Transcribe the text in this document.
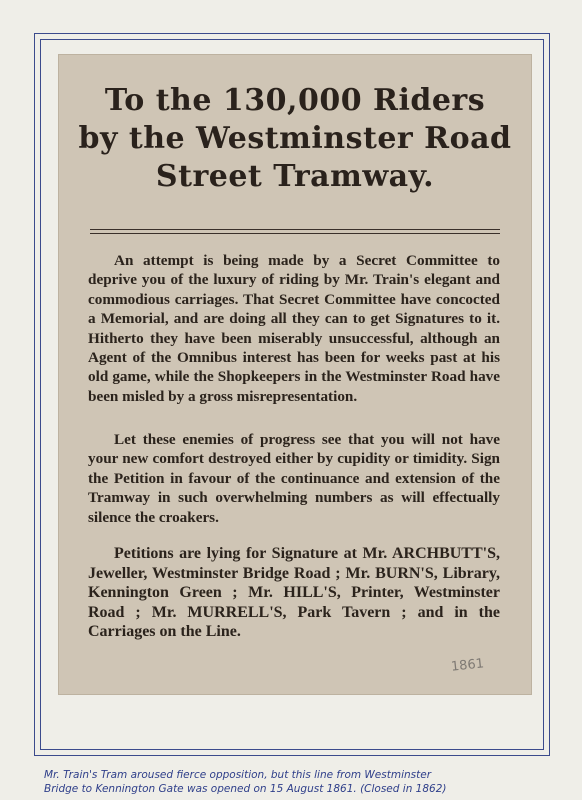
To the 130,000 Riders
by the Westminster Road
Street Tramway.

An attempt is being made by a Secret Committee to deprive you of the luxury of riding by Mr. Train's elegant and commodious carriages. That Secret Committee have concocted a Memorial, and are doing all they can to get Signatures to it. Hitherto they have been miserably unsuccessful, although an Agent of the Omnibus interest has been for weeks past at his old game, while the Shopkeepers in the Westminster Road have been misled by a gross misrepresentation.

Let these enemies of progress see that you will not have your new comfort destroyed either by cupidity or timidity. Sign the Petition in favour of the continuance and extension of the Tramway in such overwhelming numbers as will effectually silence the croakers.

Petitions are lying for Signature at Mr. ARCHBUTT'S, Jeweller, Westminster Bridge Road ; Mr. BURN'S, Library, Kennington Green ; Mr. HILL'S, Printer, Westminster Road ; Mr. MURRELL'S, Park Tavern ; and in the Carriages on the Line.

1861
Mr. Train's Tram aroused fierce opposition, but this line from Westminster
Bridge to Kennington Gate was opened on 15 August 1861. (Closed in 1862)
